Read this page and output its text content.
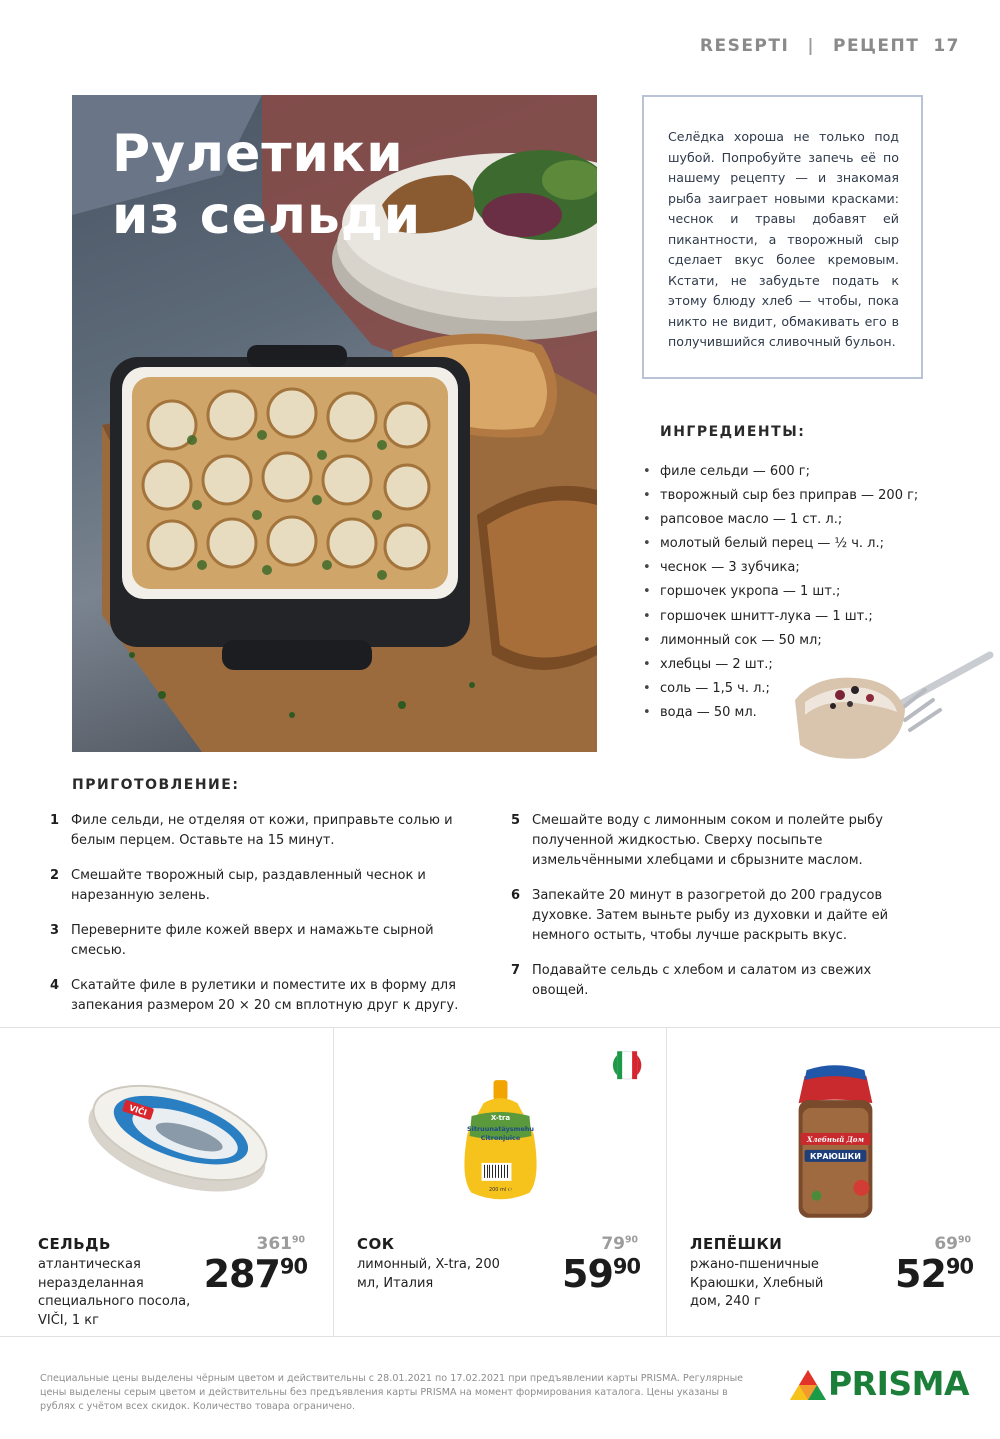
RESEPTI | РЕЦЕПТ 17
Рулетики
из сельди

Селёдка хороша не только под шубой. Попробуйте запечь её по нашему рецепту — и знакомая рыба заиграет новыми красками: чеснок и травы добавят ей пикантности, а творожный сыр сделает вкус более кремовым. Кстати, не забудьте подать к этому блюду хлеб — чтобы, пока никто не видит, обмакивать его в получившийся сливочный бульон.

ИНГРЕДИЕНТЫ:
• филе сельди — 600 г;
• творожный сыр без приправ — 200 г;
• рапсовое масло — 1 ст. л.;
• молотый белый перец — ½ ч. л.;
• чеснок — 3 зубчика;
• горшочек укропа — 1 шт.;
• горшочек шнитт-лука — 1 шт.;
• лимонный сок — 50 мл;
• хлебцы — 2 шт.;
• соль — 1,5 ч. л.;
• вода — 50 мл.
ПРИГОТОВЛЕНИЕ:
1 Филе сельди, не отделяя от кожи, приправьте солью и белым перцем. Оставьте на 15 минут.
2 Смешайте творожный сыр, раздавленный чеснок и нарезанную зелень.
3 Переверните филе кожей вверх и намажьте сырной смесью.
4 Скатайте филе в рулетики и поместите их в форму для запекания размером 20 × 20 см вплотную друг к другу.
5 Смешайте воду с лимонным соком и полейте рыбу полученной жидкостью. Сверху посыпьте измельчёнными хлебцами и сбрызните маслом.
6 Запекайте 20 минут в разогретой до 200 градусов духовке. Затем выньте рыбу из духовки и дайте ей немного остыть, чтобы лучше раскрыть вкус.
7 Подавайте сельдь с хлебом и салатом из свежих овощей.
VIČI
СЕЛЬДЬ
атлантическая неразделанная специального посола, VIČI, 1 кг
$361^{90}$
$287^{90}$
X-tra
Sitruunatäysmehu
Citronjuice
200 ml ℮
СОК
лимонный, X-tra, 200 мл, Италия
$79^{90}$
$59^{90}$
Хлебный Дом
КРАЮШКИ
ЛЕПЁШКИ
ржано-пшеничные Краюшки, Хлебный дом, 240 г
$69^{90}$
$52^{90}$
Специальные цены выделены чёрным цветом и действительны с 28.01.2021 по 17.02.2021 при предъявлении карты PRISMA. Регулярные цены выделены серым цветом и действительны без предъявления карты PRISMA на момент формирования каталога. Цены указаны в рублях с учётом всех скидок. Количество товара ограничено.
PRISMA
